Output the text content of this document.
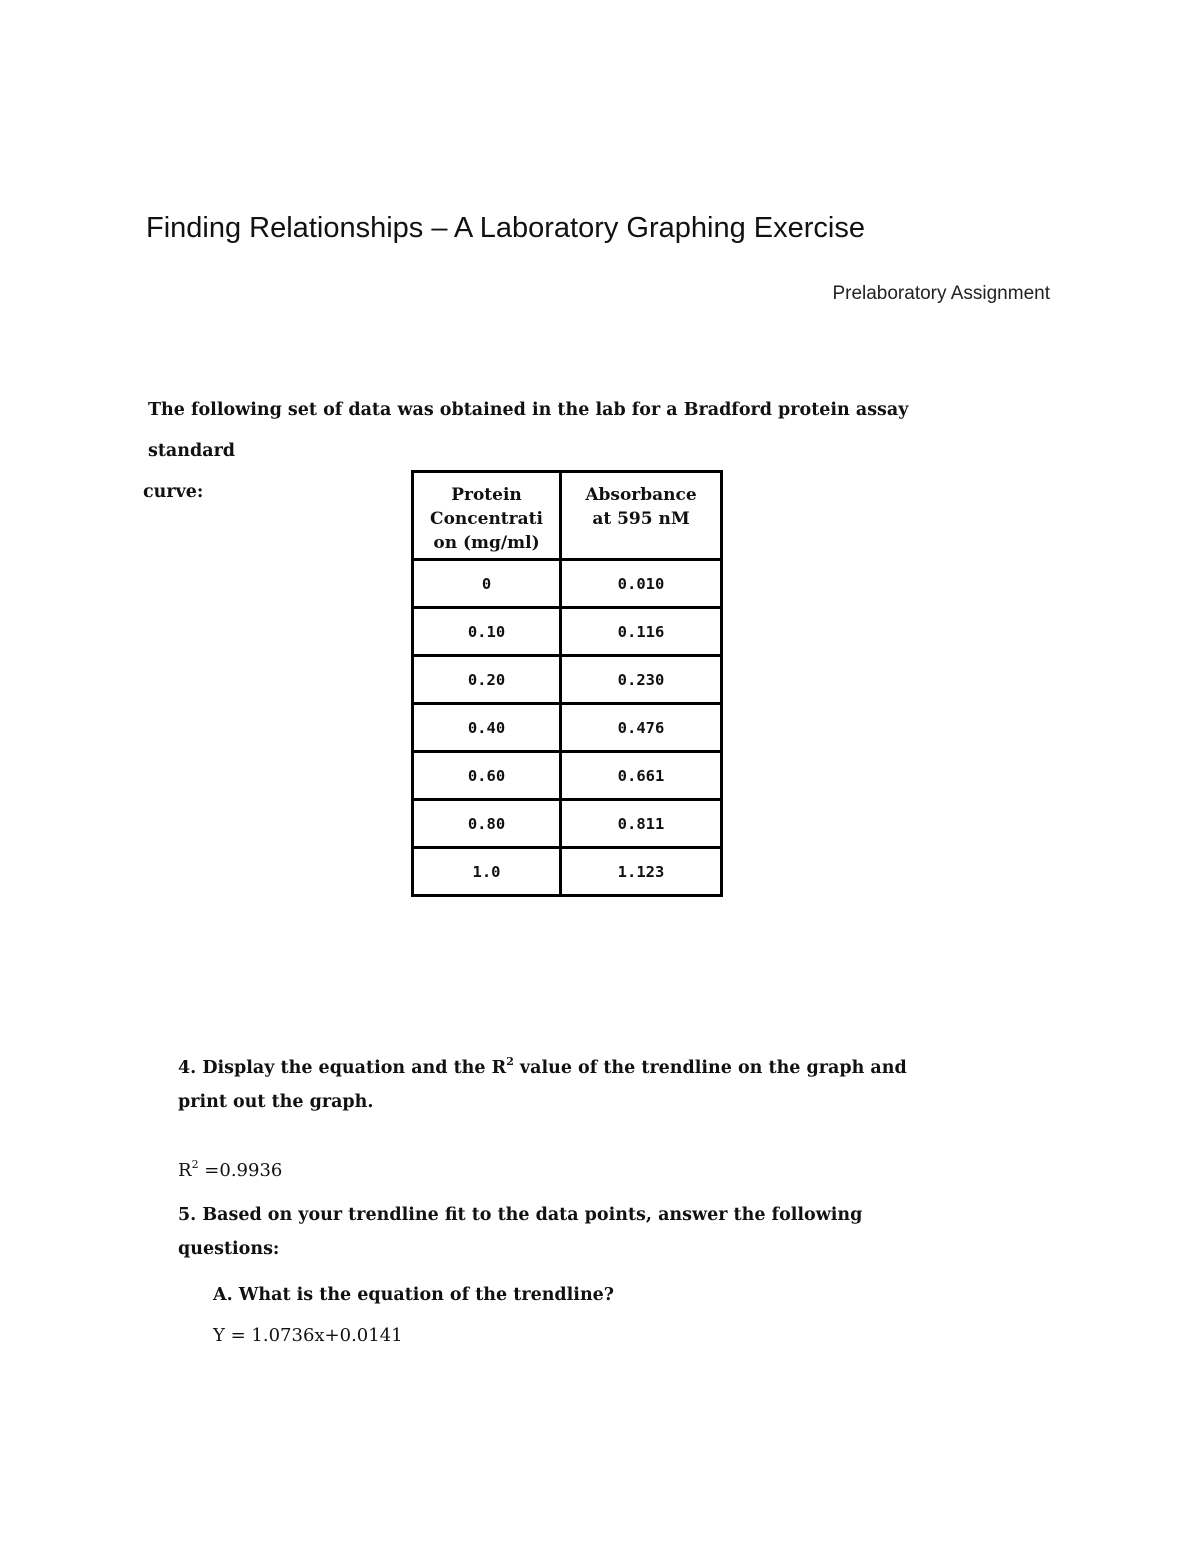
Finding Relationships – A Laboratory Graphing Exercise
Prelaboratory Assignment

The following set of data was obtained in the lab for a Bradford protein assay standard
curve:	Protein Concentrati on (mg/ml)	Absorbance at 595 nM
0	0.010
0.10	0.116
0.20	0.230
0.40	0.476
0.60	0.661
0.80	0.811
1.0	1.123

4. Display the equation and the $R^2$ value of the trendline on the graph and print out the graph.

$R^2 =0.9936$

5. Based on your trendline fit to the data points, answer the following questions:

A. What is the equation of the trendline?
Y = 1.0736x+0.0141
